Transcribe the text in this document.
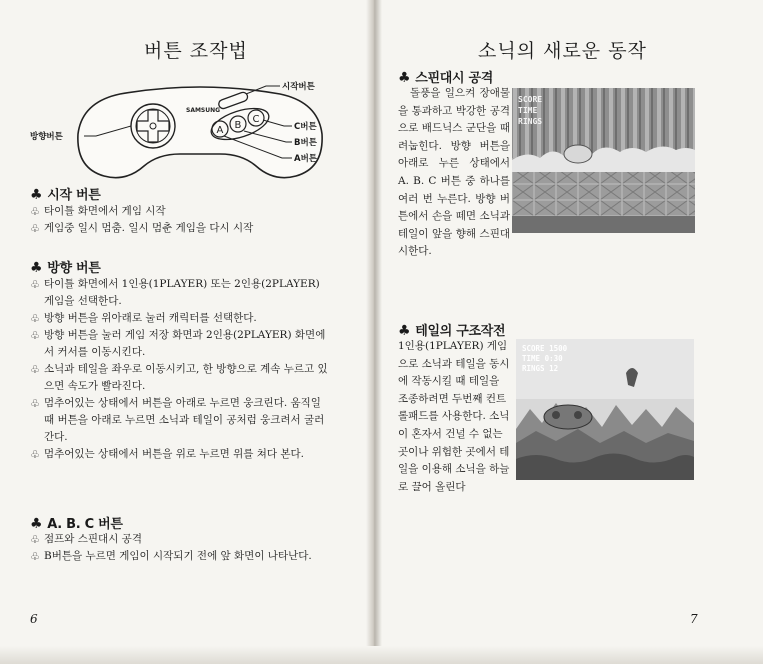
버튼 조작법
SAMSUNG
A B
C
시작버튼
방향버튼
C버튼
B버튼
A버튼
♣ 시작 버튼
♧ 타이틀 화면에서 게임 시작
♧ 게임중 일시 멈춤. 일시 멈춘 게임을 다시 시작
♣ 방향 버튼
♧ 타이틀 화면에서 1인용(1PLAYER) 또는 2인용(2PLAYER) 게임을 선택한다.
♧ 방향 버튼을 위아래로 눌러 캐릭터를 선택한다.
♧ 방향 버튼을 눌러 게임 저장 화면과 2인용(2PLAYER) 화면에서 커서를 이동시킨다.
♧ 소닉과 테일을 좌우로 이동시키고, 한 방향으로 계속 누르고 있으면 속도가 빨라진다.
♧ 멈추어있는 상태에서 버튼을 아래로 누르면 웅크린다. 움직일 때 버튼을 아래로 누르면 소닉과 테일이 공처럼 웅크려서 굴러간다.
♧ 멈추어있는 상태에서 버튼을 위로 누르면 위를 쳐다 본다.
♣ A. B. C 버튼
♧ 점프와 스핀대시 공격
♧ B버튼을 누르면 게임이 시작되기 전에 앞 화면이 나타난다.
6
소닉의 새로운 동작
♣ 스핀대시 공격
SCORE
TIME
RINGS
돌풍을 일으켜 장애물을 통과하고 박강한 공격으로 배드닉스 군단을 때려눕힌다. 방향 버튼을 아래로 누른 상태에서 A. B. C 버튼 중 하나를 여러 번 누른다. 방향 버튼에서 손을 떼면 소닉과 테일이 앞을 향해 스핀대시한다.
♣ 테일의 구조작전
SCORE 1500
TIME 0:30
RINGS 12
1인용(1PLAYER) 게임으로 소닉과 테일을 동시에 작동시킬 때 테일을 조종하려면 두번째 컨트롤패드를 사용한다. 소닉이 혼자서 건널 수 없는 곳이나 위험한 곳에서 테일을 이용해 소닉을 하늘로 끌어 올린다
7
